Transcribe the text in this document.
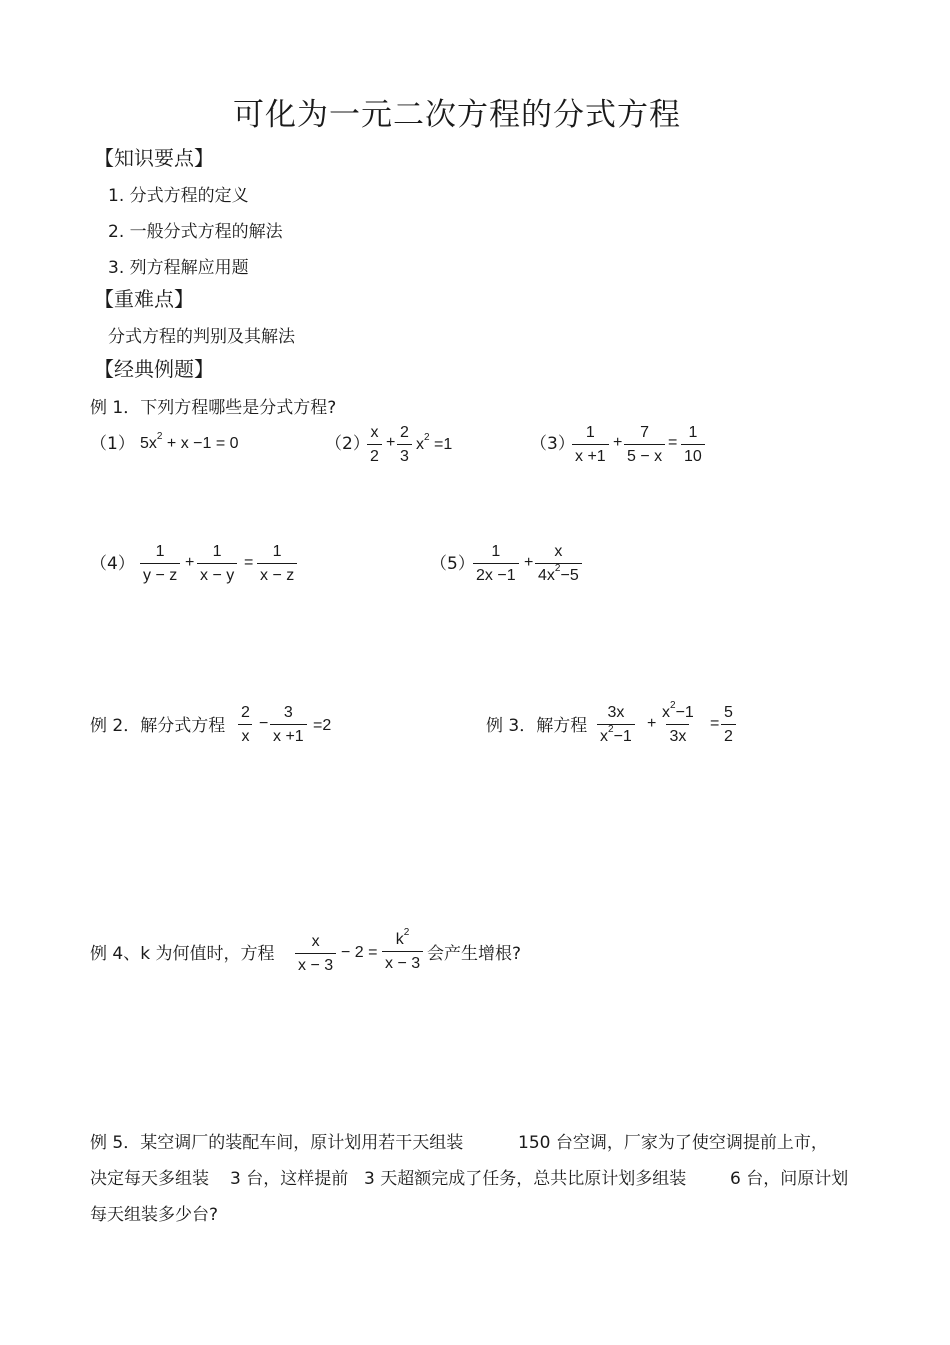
可化为一元二次方程的分式方程
【知识要点】
1. 分式方程的定义
2. 一般分式方程的解法
3. 列方程解应用题
【重难点】
分式方程的判别及其解法
【经典例题】
例 1．下列方程哪些是分式方程?
（1） $5x^2 + x -1 = 0$	（2）
$\frac{x}{2} + \frac{2}{3} x^2 =1$	（3）
$\frac{1}{x +1} + \frac{7}{5 - x} = \frac{1}{10}$
$(4) \frac{1}{y - z} + \frac{1}{x - y} = \frac{1}{x - z}$	（5）
$\frac{1}{2x -1} + \frac{x}{4x^2-5}$
例 2．解分式方程 $\frac{2}{x} - \frac{3}{x +1} =2$	例 3．解方程 $\frac{3x}{x^2-1} + \frac{x^2-1}{3x} = \frac{5}{2}$
例 4、k 为何值时，方程 $\frac{x}{x - 3} - 2 = \frac{k^2}{x - 3}$ 会产生增根?
例 5．某空调厂的装配车间，原计划用若干天组装	150 台空调，厂家为了使空调提前上市，
决定每天多组装 3 台，这样提前 3 天超额完成了任务，总共比原计划多组装	6 台，问原计划
每天组装多少台?
